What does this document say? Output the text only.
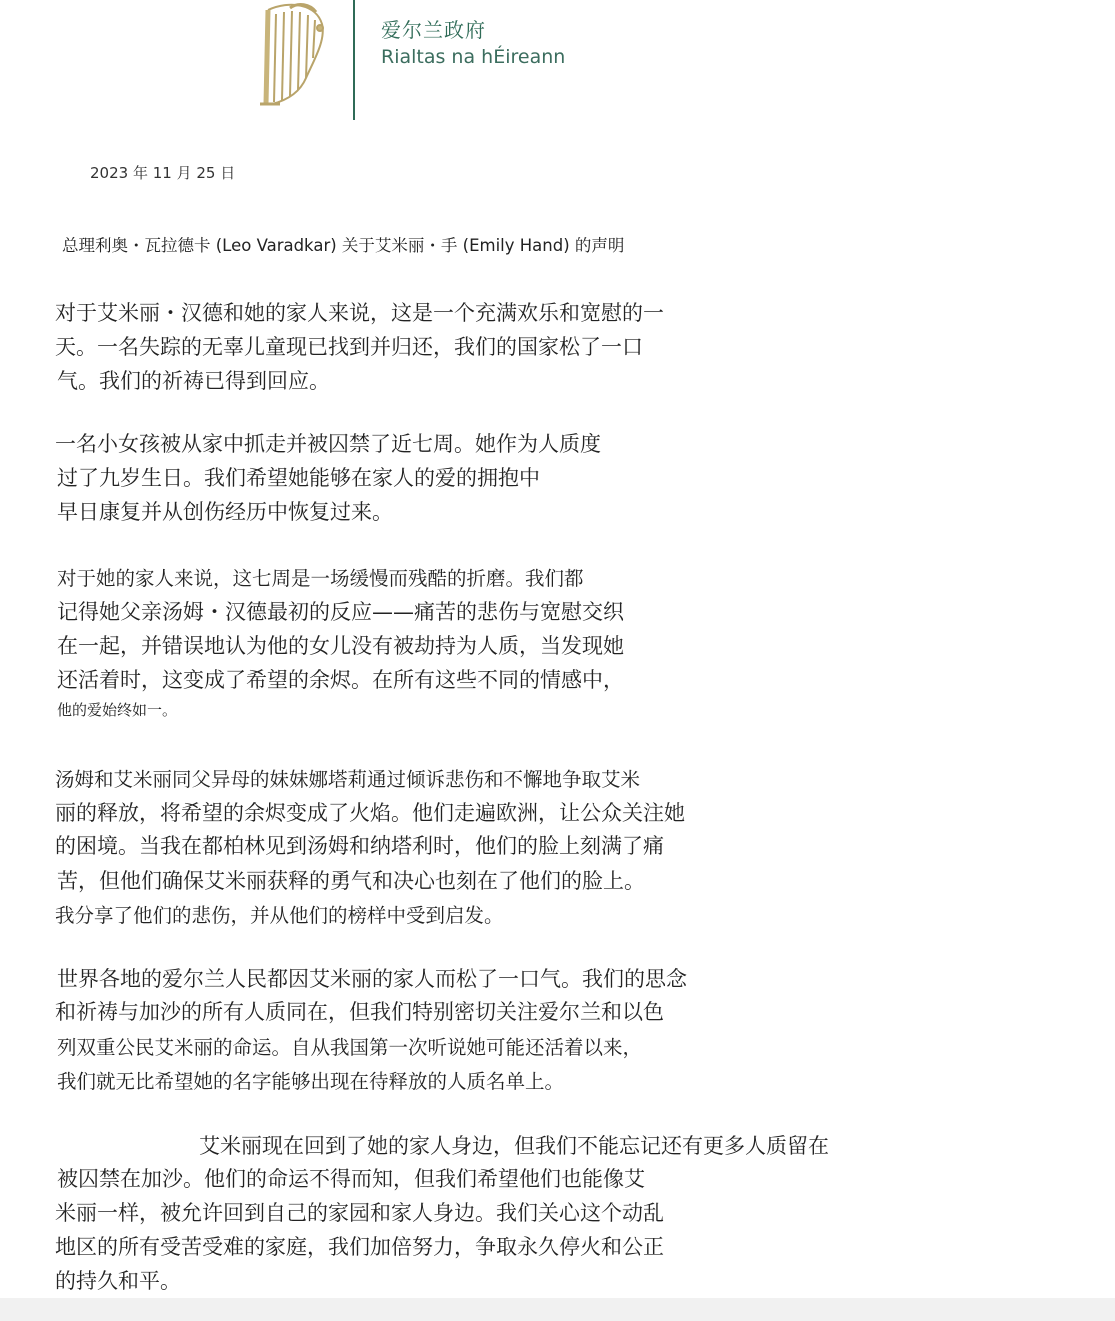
爱尔兰政府
Rialtas na hÉireann
2023 年 11 月 25 日
总理利奥・瓦拉德卡 (Leo Varadkar) 关于艾米丽・手 (Emily Hand) 的声明
对于艾米丽・汉德和她的家人来说，这是一个充满欢乐和宽慰的一
天。一名失踪的无辜儿童现已找到并归还，我们的国家松了一口
气。我们的祈祷已得到回应。
一名小女孩被从家中抓走并被囚禁了近七周。她作为人质度
过了九岁生日。我们希望她能够在家人的爱的拥抱中
早日康复并从创伤经历中恢复过来。
对于她的家人来说，这七周是一场缓慢而残酷的折磨。我们都
记得她父亲汤姆・汉德最初的反应——痛苦的悲伤与宽慰交织
在一起，并错误地认为他的女儿没有被劫持为人质，当发现她
还活着时，这变成了希望的余烬。在所有这些不同的情感中，
他的爱始终如一。
汤姆和艾米丽同父异母的妹妹娜塔莉通过倾诉悲伤和不懈地争取艾米
丽的释放，将希望的余烬变成了火焰。他们走遍欧洲，让公众关注她
的困境。当我在都柏林见到汤姆和纳塔利时，他们的脸上刻满了痛
苦，但他们确保艾米丽获释的勇气和决心也刻在了他们的脸上。
我分享了他们的悲伤，并从他们的榜样中受到启发。
世界各地的爱尔兰人民都因艾米丽的家人而松了一口气。我们的思念
和祈祷与加沙的所有人质同在，但我们特别密切关注爱尔兰和以色
列双重公民艾米丽的命运。自从我国第一次听说她可能还活着以来，
我们就无比希望她的名字能够出现在待释放的人质名单上。
艾米丽现在回到了她的家人身边，但我们不能忘记还有更多人质留在
被囚禁在加沙。他们的命运不得而知，但我们希望他们也能像艾
米丽一样，被允许回到自己的家园和家人身边。我们关心这个动乱
地区的所有受苦受难的家庭，我们加倍努力，争取永久停火和公正
的持久和平。
